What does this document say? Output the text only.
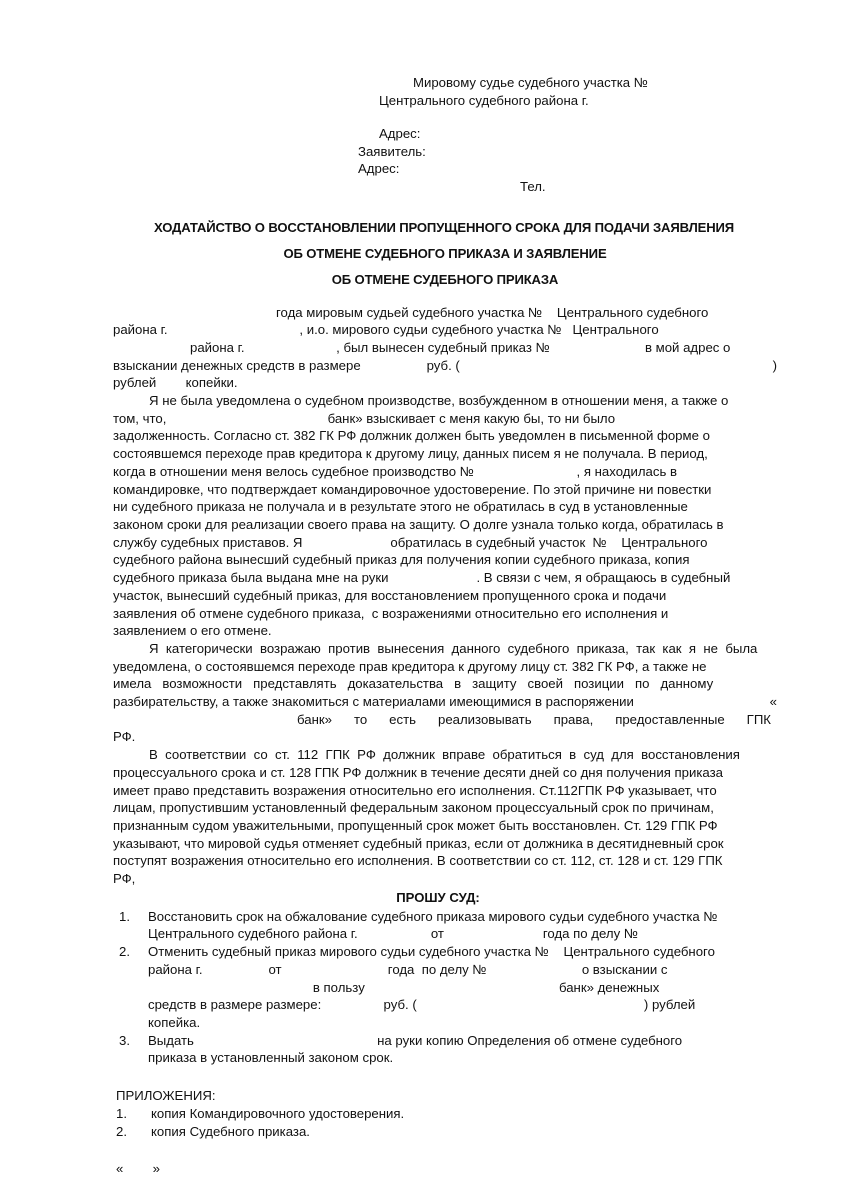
Мировому судье судебного участка №
Центрального судебного района г.
Адрес:
Заявитель:
Адрес:
Тел.
ХОДАТАЙСТВО О ВОССТАНОВЛЕНИИ ПРОПУЩЕННОГО СРОКА ДЛЯ ПОДАЧИ ЗАЯВЛЕНИЯ
ОБ ОТМЕНЕ СУДЕБНОГО ПРИКАЗА И ЗАЯВЛЕНИЕ
ОБ ОТМЕНЕ СУДЕБНОГО ПРИКАЗА
года мировым судьей судебного участка №    Центрального судебного
района г.                                    , и.о. мирового судьи судебного участка №   Центрального
района г.                         , был вынесен судебный приказ №                          в мой адрес о
взыскании денежных средств в размере                  руб. (	)
рублей        копейки.
Я не была уведомлена о судебном производстве, возбужденном в отношении меня, а также о
том, что,                                            банк» взыскивает с меня какую бы, то ни было
задолженность. Согласно ст. 382 ГК РФ должник должен быть уведомлен в письменной форме о
состоявшемся переходе прав кредитора к другому лицу, данных писем я не получала. В период,
когда в отношении меня велось судебное производство №                            , я находилась в
командировке, что подтверждает командировочное удостоверение. По этой причине ни повестки
ни судебного приказа не получала и в результате этого не обратилась в суд в установленные
законом сроки для реализации своего права на защиту. О долге узнала только когда, обратилась в
службу судебных приставов. Я                        обратилась в судебный участок  №    Центрального
судебного района вынесший судебный приказ для получения копии судебного приказа, копия
судебного приказа была выдана мне на руки                        . В связи с чем, я обращаюсь в судебный
участок, вынесший судебный приказ, для восстановлением пропущенного срока и подачи
заявления об отмене судебного приказа,  с возражениями относительно его исполнения и
заявлением о его отмене.
Я  категорически  возражаю  против  вынесения  данного  судебного  приказа,  так  как  я  не  была
уведомлена, о состоявшемся переходе прав кредитора к другому лицу ст. 382 ГК РФ, а также не
имела   возможности   представлять   доказательства   в   защиту   своей   позиции   по   данному
разбирательству, а также знакомиться с материалами имеющимися в распоряжении	«
банк»      то      есть      реализовывать      права,      предоставленные      ГПК
РФ.
В  соответствии  со  ст.  112  ГПК  РФ  должник  вправе  обратиться  в  суд  для  восстановления
процессуального срока и ст. 128 ГПК РФ должник в течение десяти дней со дня получения приказа
имеет право представить возражения относительно его исполнения. Ст.112ГПК РФ указывает, что
лицам, пропустившим установленный федеральным законом процессуальный срок по причинам,
признанным судом уважительными, пропущенный срок может быть восстановлен. Ст. 129 ГПК РФ
указывают, что мировой судья отменяет судебный приказ, если от должника в десятидневный срок
поступят возражения относительно его исполнения. В соответствии со ст. 112, ст. 128 и ст. 129 ГПК
РФ,
ПРОШУ СУД:
1.	Восстановить срок на обжалование судебного приказа мирового судьи судебного участка №
Центрального судебного района г.                    от                           года по делу №
2.	Отменить судебный приказ мирового судьи судебного участка №    Центрального судебного
района г.                  от                             года  по делу №                          о взыскании с
в пользу                                                     банк» денежных
средств в размере размере:                 руб. (                                                              ) рублей
копейка.
3.	Выдать                                                  на руки копию Определения об отмене судебного
приказа в установленный законом срок.
ПРИЛОЖЕНИЯ:
1. копия Командировочного удостоверения.
2. копия Судебного приказа.
«        »
